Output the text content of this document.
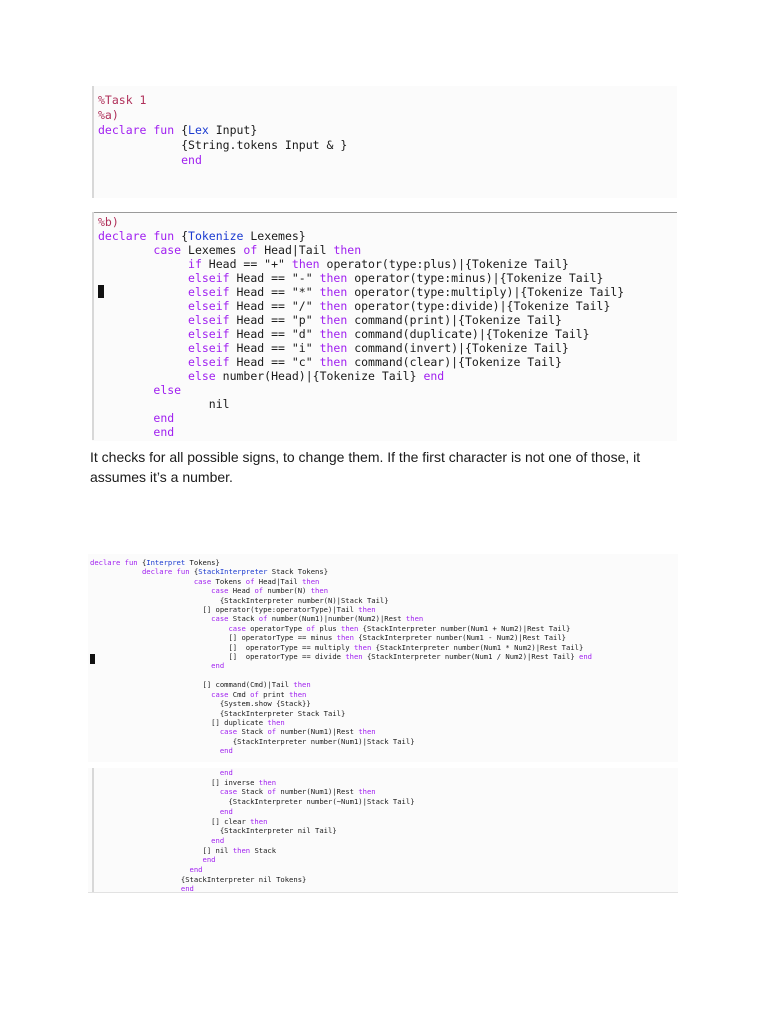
%Task 1
%a)
declare fun {Lex Input}
{String.tokens Input & }
end
%b)
declare fun {Tokenize Lexemes}
case Lexemes of Head|Tail then
if Head == "+" then operator(type:plus)|{Tokenize Tail}
elseif Head == "-" then operator(type:minus)|{Tokenize Tail}
elseif Head == "*" then operator(type:multiply)|{Tokenize Tail}
elseif Head == "/" then operator(type:divide)|{Tokenize Tail}
elseif Head == "p" then command(print)|{Tokenize Tail}
elseif Head == "d" then command(duplicate)|{Tokenize Tail}
elseif Head == "i" then command(invert)|{Tokenize Tail}
elseif Head == "c" then command(clear)|{Tokenize Tail}
else number(Head)|{Tokenize Tail} end
else
nil
end
end
It checks for all possible signs, to change them. If the first character is not one of those, it assumes it’s a number.
declare fun {Interpret Tokens}
declare fun {StackInterpreter Stack Tokens}
case Tokens of Head|Tail then
case Head of number(N) then
{StackInterpreter number(N)|Stack Tail}
[] operator(type:operatorType)|Tail then
case Stack of number(Num1)|number(Num2)|Rest then
case operatorType of plus then {StackInterpreter number(Num1 + Num2)|Rest Tail}
[] operatorType == minus then {StackInterpreter number(Num1 - Num2)|Rest Tail}
[]  operatorType == multiply then {StackInterpreter number(Num1 * Num2)|Rest Tail}
[]  operatorType == divide then {StackInterpreter number(Num1 / Num2)|Rest Tail} end
end

[] command(Cmd)|Tail then
case Cmd of print then
{System.show {Stack}}
{StackInterpreter Stack Tail}
[] duplicate then
case Stack of number(Num1)|Rest then
{StackInterpreter number(Num1)|Stack Tail}
end
end
[] inverse then
case Stack of number(Num1)|Rest then
{StackInterpreter number(~Num1)|Stack Tail}
end
[] clear then
{StackInterpreter nil Tail}
end
[] nil then Stack
end
end
{StackInterpreter nil Tokens}
end
